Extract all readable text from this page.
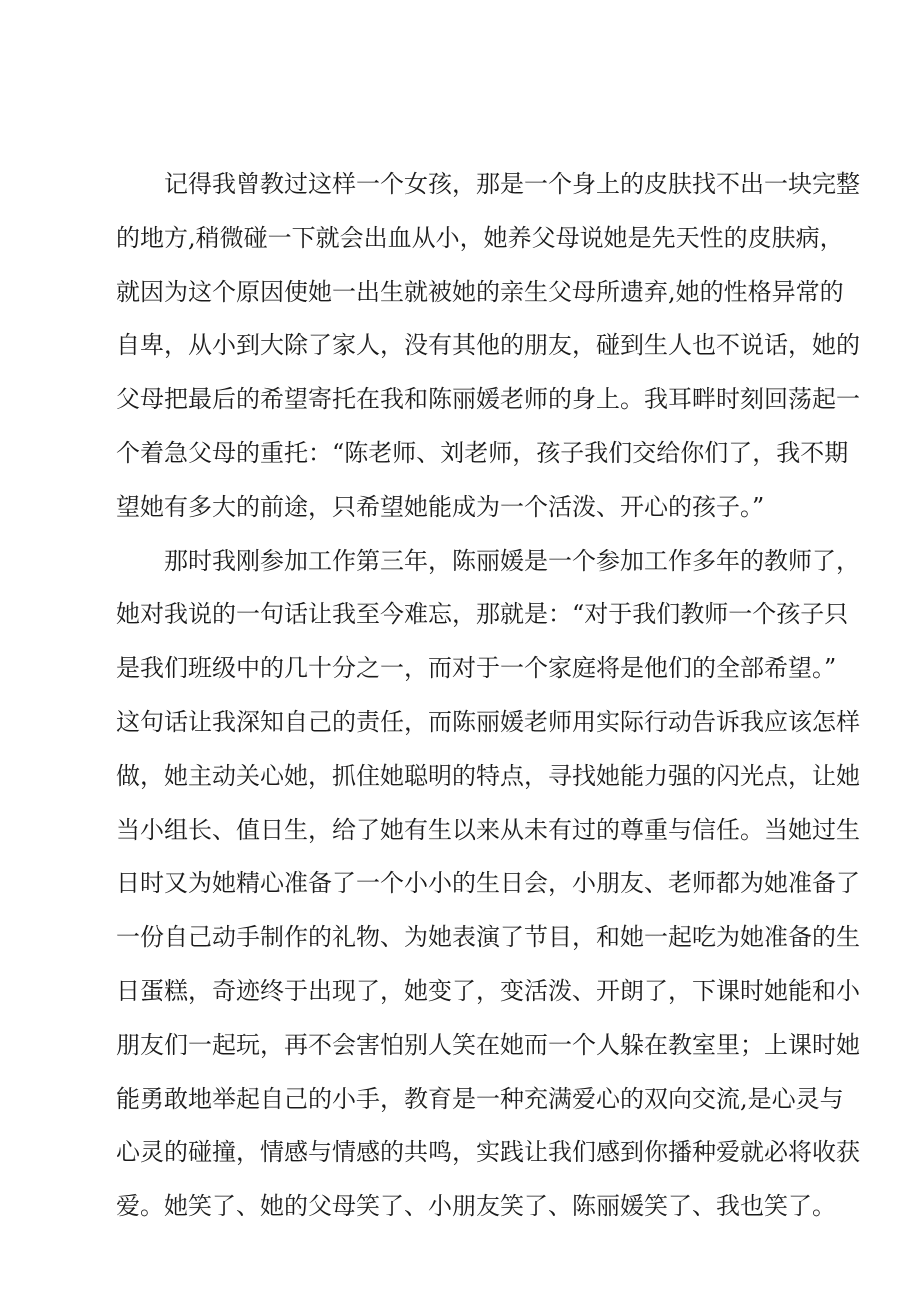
记得我曾教过这样一个女孩，那是一个身上的皮肤找不出一块完整
的地方,稍微碰一下就会出血从小，她养父母说她是先天性的皮肤病，
就因为这个原因使她一出生就被她的亲生父母所遗弃,她的性格异常的
自卑，从小到大除了家人，没有其他的朋友，碰到生人也不说话，她的
父母把最后的希望寄托在我和陈丽媛老师的身上。我耳畔时刻回荡起一
个着急父母的重托：“陈老师、刘老师，孩子我们交给你们了，我不期
望她有多大的前途，只希望她能成为一个活泼、开心的孩子。”
那时我刚参加工作第三年，陈丽媛是一个参加工作多年的教师了，
她对我说的一句话让我至今难忘，那就是：“对于我们教师一个孩子只
是我们班级中的几十分之一，而对于一个家庭将是他们的全部希望。”
这句话让我深知自己的责任，而陈丽媛老师用实际行动告诉我应该怎样
做，她主动关心她，抓住她聪明的特点，寻找她能力强的闪光点，让她
当小组长、值日生，给了她有生以来从未有过的尊重与信任。当她过生
日时又为她精心准备了一个小小的生日会，小朋友、老师都为她准备了
一份自己动手制作的礼物、为她表演了节目，和她一起吃为她准备的生
日蛋糕，奇迹终于出现了，她变了，变活泼、开朗了，下课时她能和小
朋友们一起玩，再不会害怕别人笑在她而一个人躲在教室里；上课时她
能勇敢地举起自己的小手，教育是一种充满爱心的双向交流,是心灵与
心灵的碰撞，情感与情感的共鸣，实践让我们感到你播种爱就必将收获
爱。她笑了、她的父母笑了、小朋友笑了、陈丽媛笑了、我也笑了。
